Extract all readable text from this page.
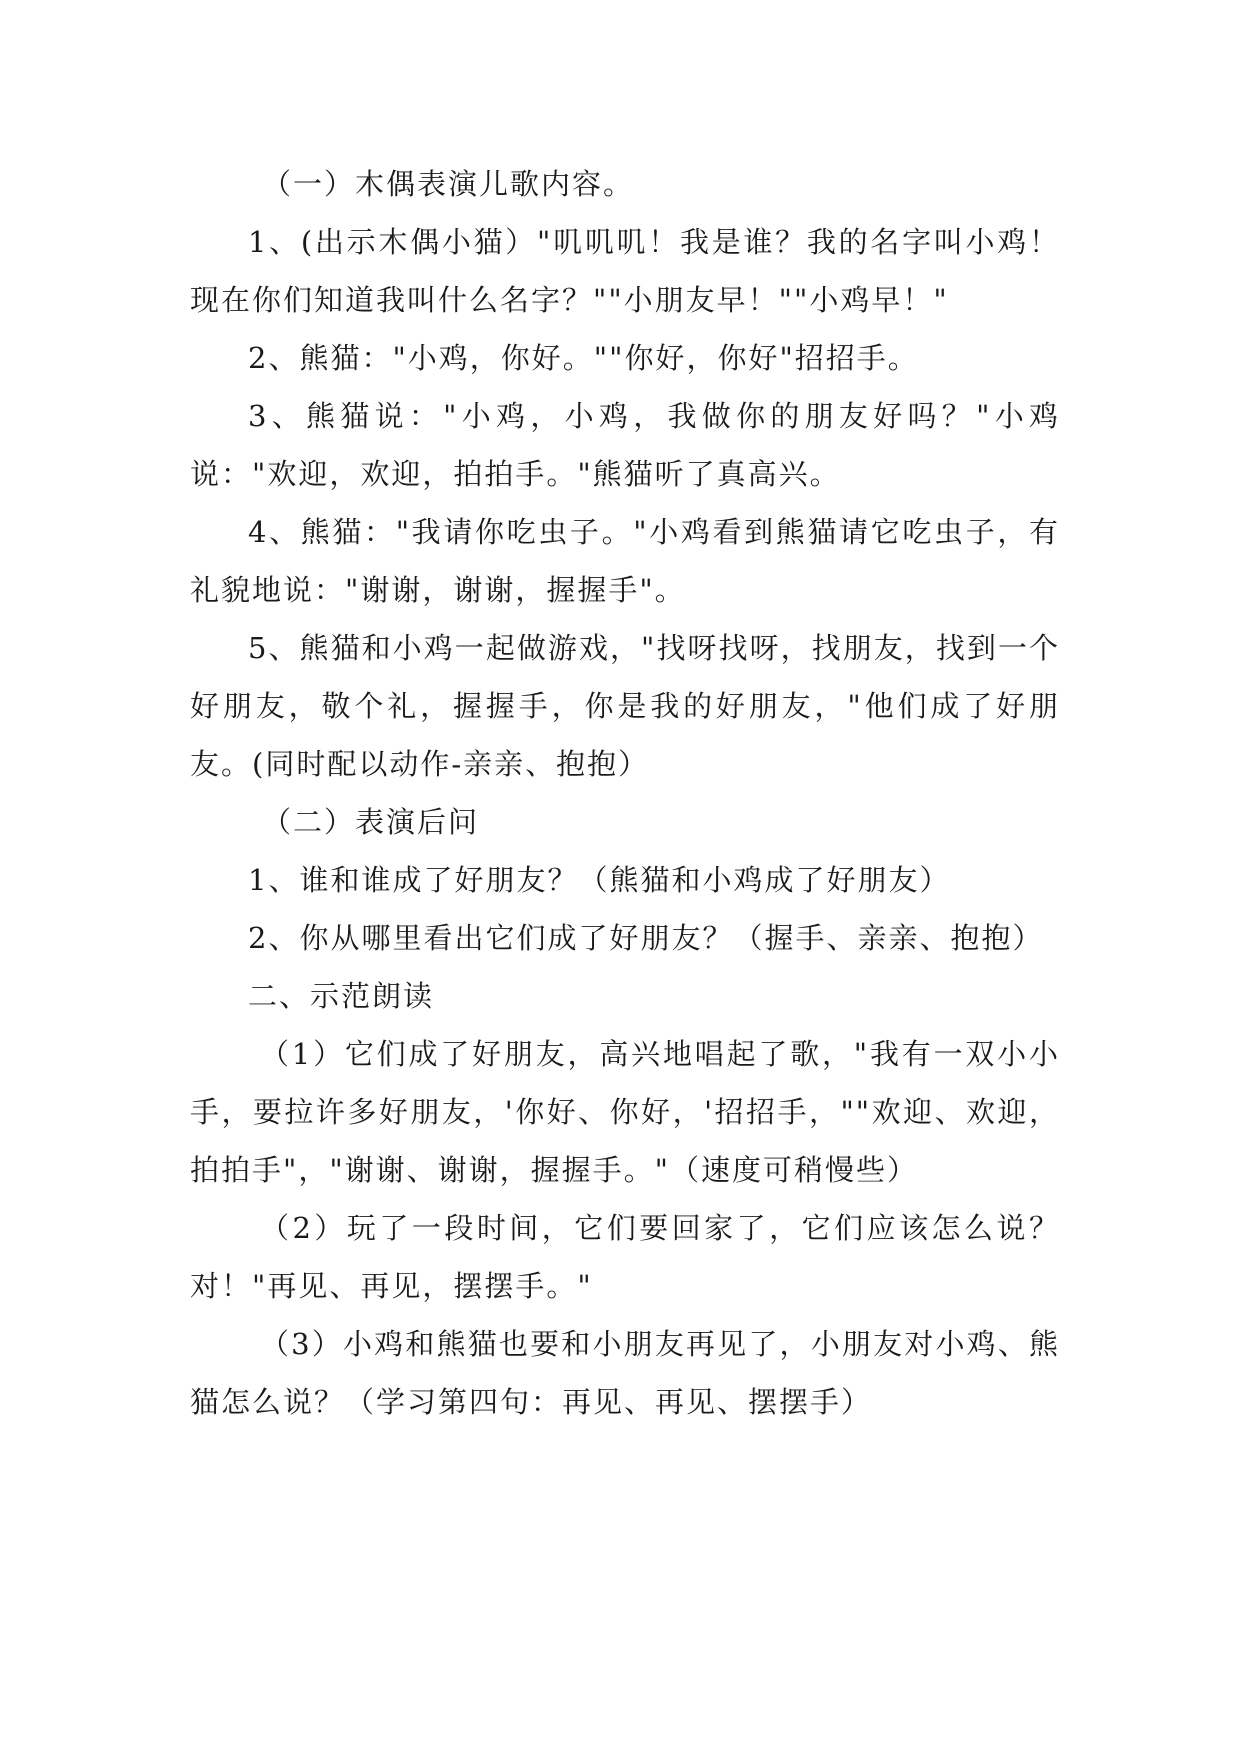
（一）木偶表演儿歌内容。

1、(出示木偶小猫）"叽叽叽！我是谁？我的名字叫小鸡！现在你们知道我叫什么名字？""小朋友早！""小鸡早！"

2、熊猫："小鸡，你好。""你好，你好"招招手。

3、熊猫说："小鸡，小鸡，我做你的朋友好吗？"小鸡说："欢迎，欢迎，拍拍手。"熊猫听了真高兴。

4、熊猫："我请你吃虫子。"小鸡看到熊猫请它吃虫子，有礼貌地说："谢谢，谢谢，握握手"。

5、熊猫和小鸡一起做游戏，"找呀找呀，找朋友，找到一个好朋友，敬个礼，握握手，你是我的好朋友，"他们成了好朋友。(同时配以动作-亲亲、抱抱）

（二）表演后问

1、谁和谁成了好朋友？（熊猫和小鸡成了好朋友）

2、你从哪里看出它们成了好朋友？（握手、亲亲、抱抱）

二、示范朗读

（1）它们成了好朋友，高兴地唱起了歌，"我有一双小小手，要拉许多好朋友，'你好、你好，'招招手，""欢迎、欢迎，拍拍手"，"谢谢、谢谢，握握手。"（速度可稍慢些）

（2）玩了一段时间，它们要回家了，它们应该怎么说？对！"再见、再见，摆摆手。"

（3）小鸡和熊猫也要和小朋友再见了，小朋友对小鸡、熊猫怎么说？（学习第四句：再见、再见、摆摆手）
